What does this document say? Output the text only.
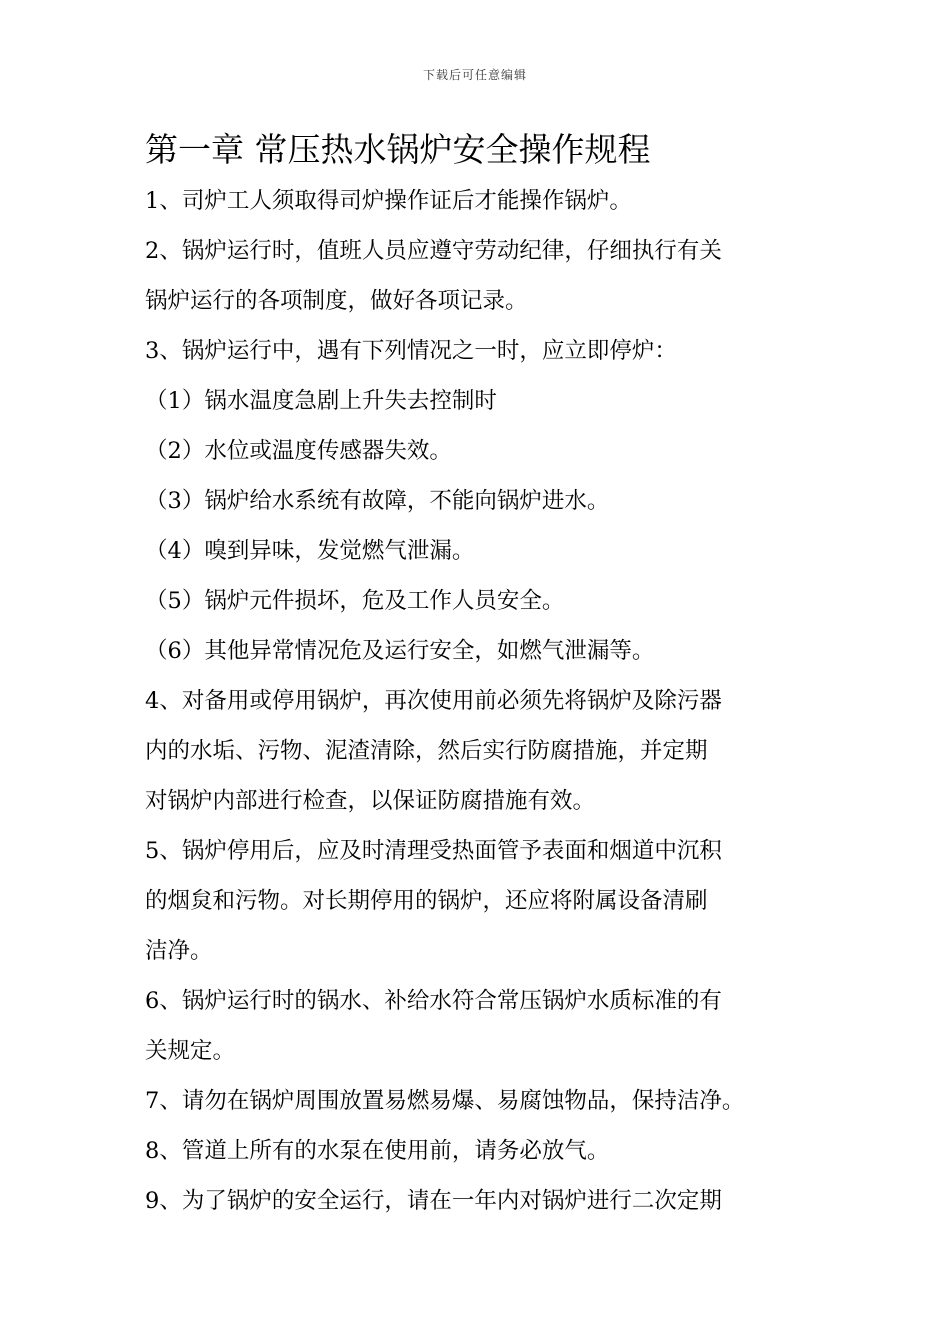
下载后可任意编辑
第一章 常压热水锅炉安全操作规程

1、司炉工人须取得司炉操作证后才能操作锅炉。

2、锅炉运行时，值班人员应遵守劳动纪律，仔细执行有关
锅炉运行的各项制度，做好各项记录。

3、锅炉运行中，遇有下列情况之一时，应立即停炉：

（1）锅水温度急剧上升失去控制时

（2）水位或温度传感器失效。

（3）锅炉给水系统有故障，不能向锅炉进水。

（4）嗅到异味，发觉燃气泄漏。

（5）锅炉元件损坏，危及工作人员安全。

（6）其他异常情况危及运行安全，如燃气泄漏等。

4、对备用或停用锅炉，再次使用前必须先将锅炉及除污器
内的水垢、污物、泥渣清除，然后实行防腐措施，并定期
对锅炉内部进行检查，以保证防腐措施有效。

5、锅炉停用后，应及时清理受热面管予表面和烟道中沉积
的烟炱和污物。对长期停用的锅炉，还应将附属设备清刷
洁净。

6、锅炉运行时的锅水、补给水符合常压锅炉水质标准的有
关规定。

7、请勿在锅炉周围放置易燃易爆、易腐蚀物品，保持洁净。

8、管道上所有的水泵在使用前，请务必放气。

9、为了锅炉的安全运行，请在一年内对锅炉进行二次定期
